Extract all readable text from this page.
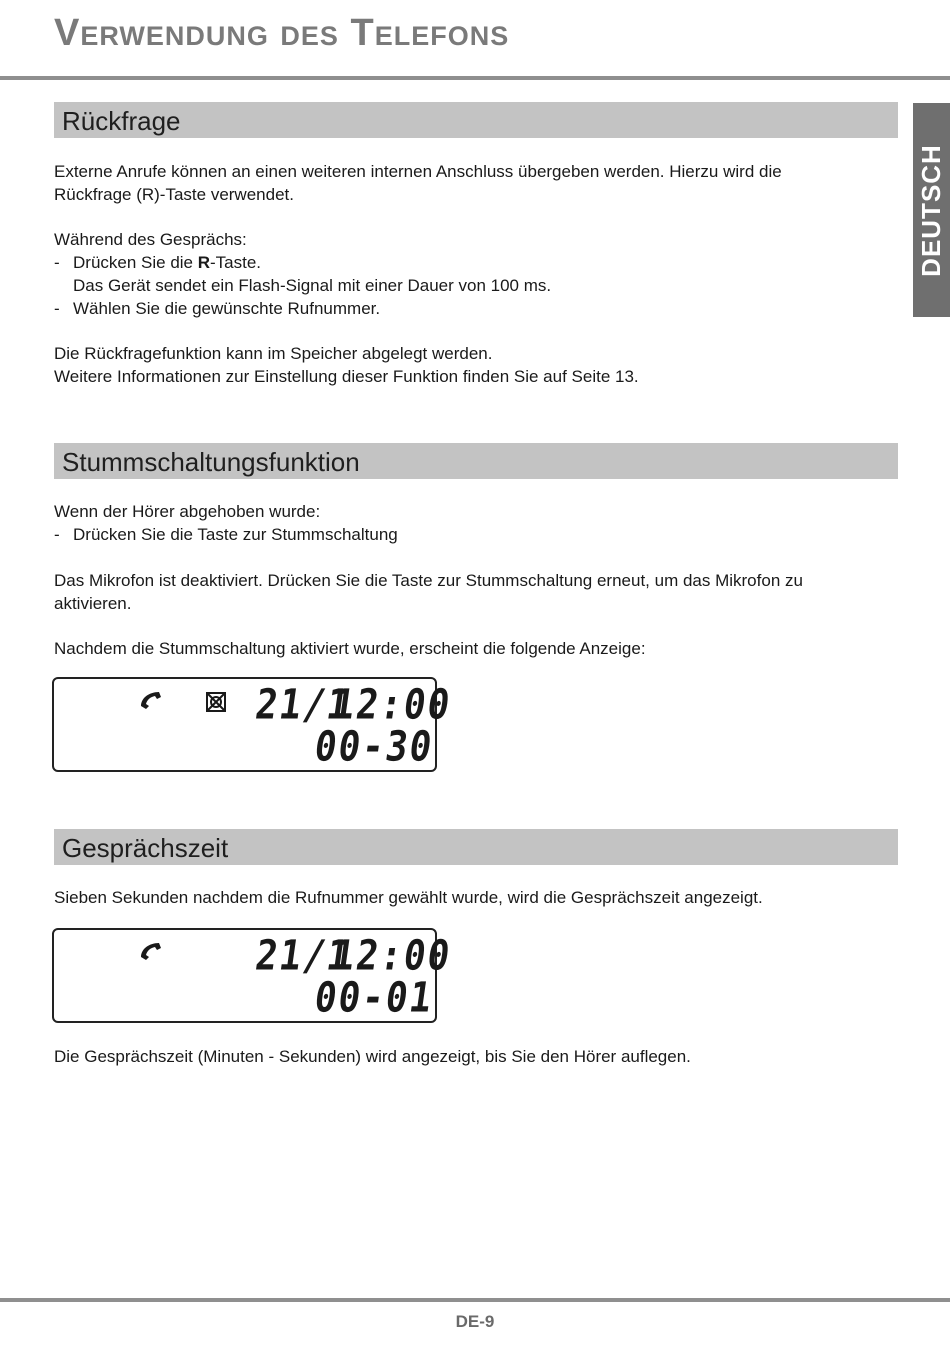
Verwendung des Telefons
DEUTSCH
Rückfrage
Externe Anrufe können an einen weiteren internen Anschluss übergeben werden. Hierzu wird die
Rückfrage (R)-Taste verwendet.
Während des Gesprächs:
- Drücken Sie die R-Taste.
Das Gerät sendet ein Flash-Signal mit einer Dauer von 100 ms.
- Wählen Sie die gewünschte Rufnummer.
Die Rückfragefunktion kann im Speicher abgelegt werden.
Weitere Informationen zur Einstellung dieser Funktion finden Sie auf Seite 13.
Stummschaltungsfunktion
Wenn der Hörer abgehoben wurde:
- Drücken Sie die Taste zur Stummschaltung
Das Mikrofon ist deaktiviert. Drücken Sie die Taste zur Stummschaltung erneut, um das Mikrofon zu
aktivieren.
Nachdem die Stummschaltung aktiviert wurde, erscheint die folgende Anzeige:
21/1
12:00
00-30
Gesprächszeit
Sieben Sekunden nachdem die Rufnummer gewählt wurde, wird die Gesprächszeit angezeigt.
21/1
12:00
00-01
Die Gesprächszeit (Minuten - Sekunden) wird angezeigt, bis Sie den Hörer auflegen.
DE-9
